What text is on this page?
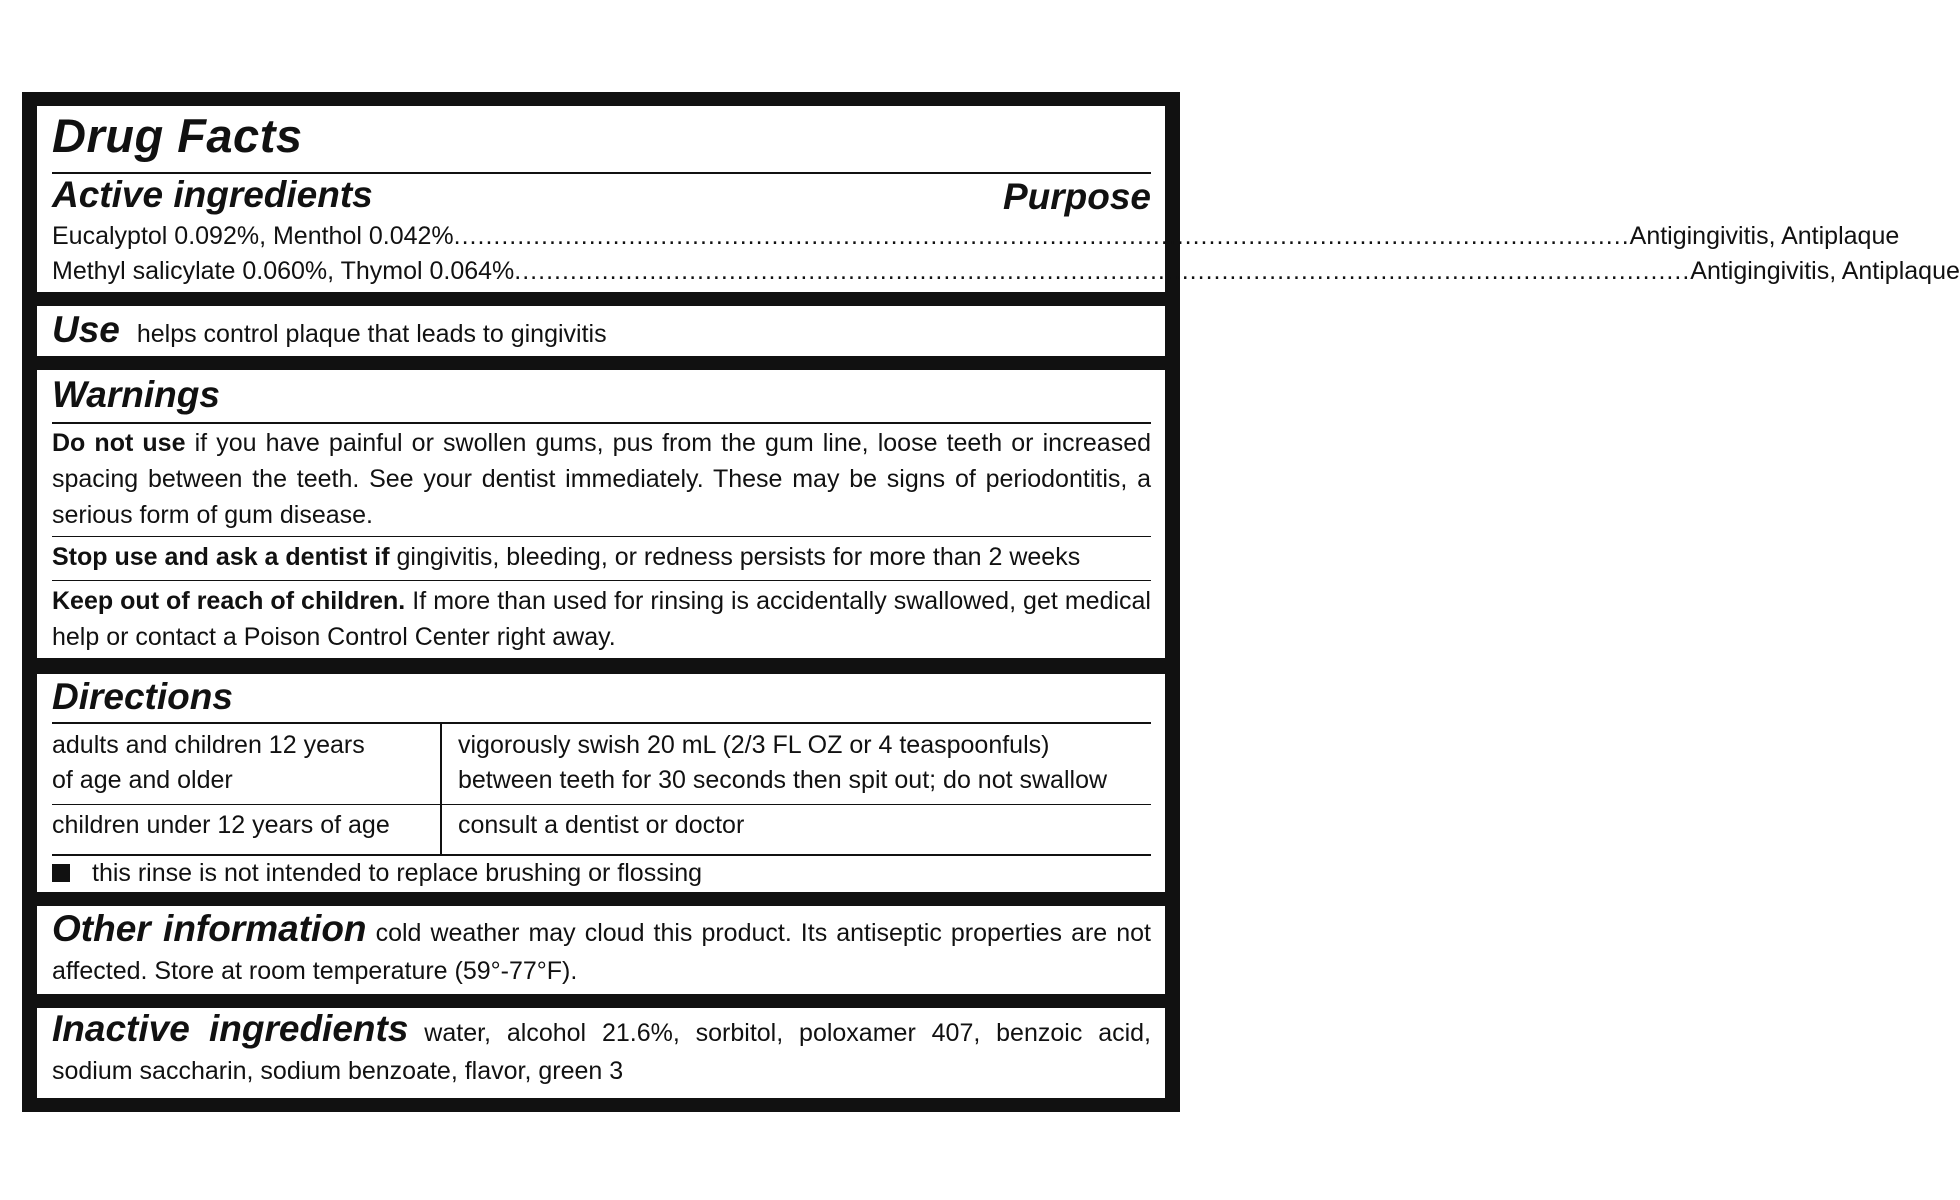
Drug Facts
Active ingredients	Purpose
Eucalyptol 0.092%, Menthol 0.042% .................................................................................................................................................... Antigingivitis, Antiplaque
Methyl salicylate 0.060%, Thymol 0.064% .................................................................................................................................................... Antigingivitis, Antiplaque
Use helps control plaque that leads to gingivitis
Warnings
Do not use if you have painful or swollen gums, pus from the gum line, loose teeth or increased spacing between the teeth. See your dentist immediately. These may be signs of periodontitis, a serious form of gum disease.
Stop use and ask a dentist if gingivitis, bleeding, or redness persists for more than 2 weeks
Keep out of reach of children. If more than used for rinsing is accidentally swallowed, get medical help or contact a Poison Control Center right away.
Directions
adults and children 12 years
of age and older
vigorously swish 20 mL (2/3 FL OZ or 4 teaspoonfuls)
between teeth for 30 seconds then spit out; do not swallow
children under 12 years of age	consult a dentist or doctor
this rinse is not intended to replace brushing or flossing
Other information cold weather may cloud this product. Its antiseptic properties are not affected. Store at room temperature (59°-77°F).
Inactive ingredients water, alcohol 21.6%, sorbitol, poloxamer 407, benzoic acid, sodium saccharin, sodium benzoate, flavor, green 3
